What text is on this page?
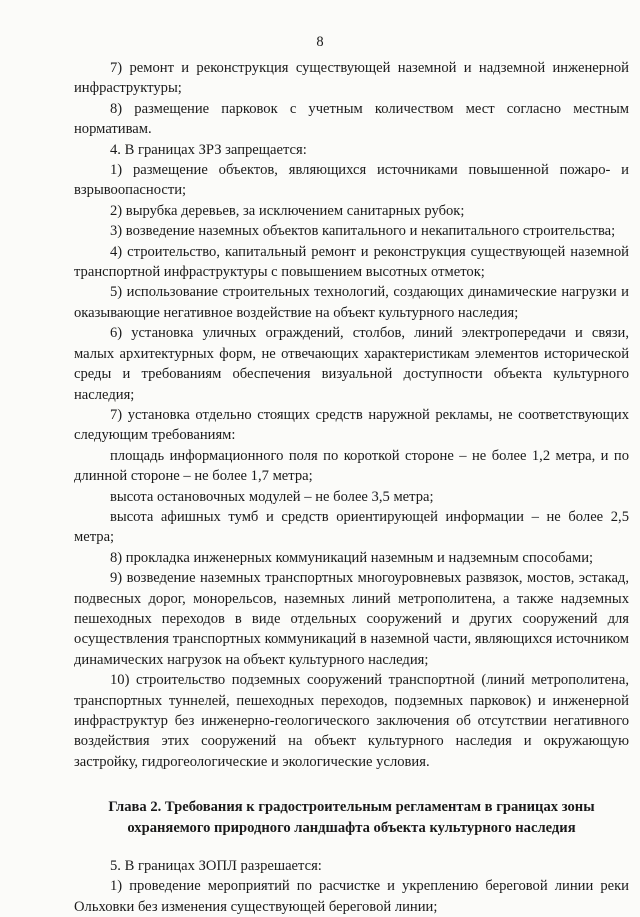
8

7) ремонт и реконструкция существующей наземной и надземной инженерной инфраструктуры;

8) размещение парковок с учетным количеством мест согласно местным нормативам.

4. В границах ЗРЗ запрещается:

1) размещение объектов, являющихся источниками повышенной пожаро- и взрывоопасности;

2) вырубка деревьев, за исключением санитарных рубок;

3) возведение наземных объектов капитального и некапитального строительства;

4) строительство, капитальный ремонт и реконструкция существующей наземной транспортной инфраструктуры с повышением высотных отметок;

5) использование строительных технологий, создающих динамические нагрузки и оказывающие негативное воздействие на объект культурного наследия;

6) установка уличных ограждений, столбов, линий электропередачи и связи, малых архитектурных форм, не отвечающих характеристикам элементов исторической среды и требованиям обеспечения визуальной доступности объекта культурного наследия;

7) установка отдельно стоящих средств наружной рекламы, не соответствующих следующим требованиям:

площадь информационного поля по короткой стороне – не более 1,2 метра, и по длинной стороне – не более 1,7 метра;

высота остановочных модулей – не более 3,5 метра;

высота афишных тумб и средств ориентирующей информации – не более 2,5 метра;

8) прокладка инженерных коммуникаций наземным и надземным способами;

9) возведение наземных транспортных многоуровневых развязок, мостов, эстакад, подвесных дорог, монорельсов, наземных линий метрополитена, а также надземных пешеходных переходов в виде отдельных сооружений и других сооружений для осуществления транспортных коммуникаций в наземной части, являющихся источником динамических нагрузок на объект культурного наследия;

10) строительство подземных сооружений транспортной (линий метрополитена, транспортных туннелей, пешеходных переходов, подземных парковок) и инженерной инфраструктур без инженерно-геологического заключения об отсутствии негативного воздействия этих сооружений на объект культурного наследия и окружающую застройку, гидрогеологические и экологические условия.

Глава 2. Требования к градостроительным регламентам в границах зоны охраняемого природного ландшафта объекта культурного наследия

5. В границах ЗОПЛ разрешается:

1) проведение мероприятий по расчистке и укреплению береговой линии реки Ольховки без изменения существующей береговой линии;
